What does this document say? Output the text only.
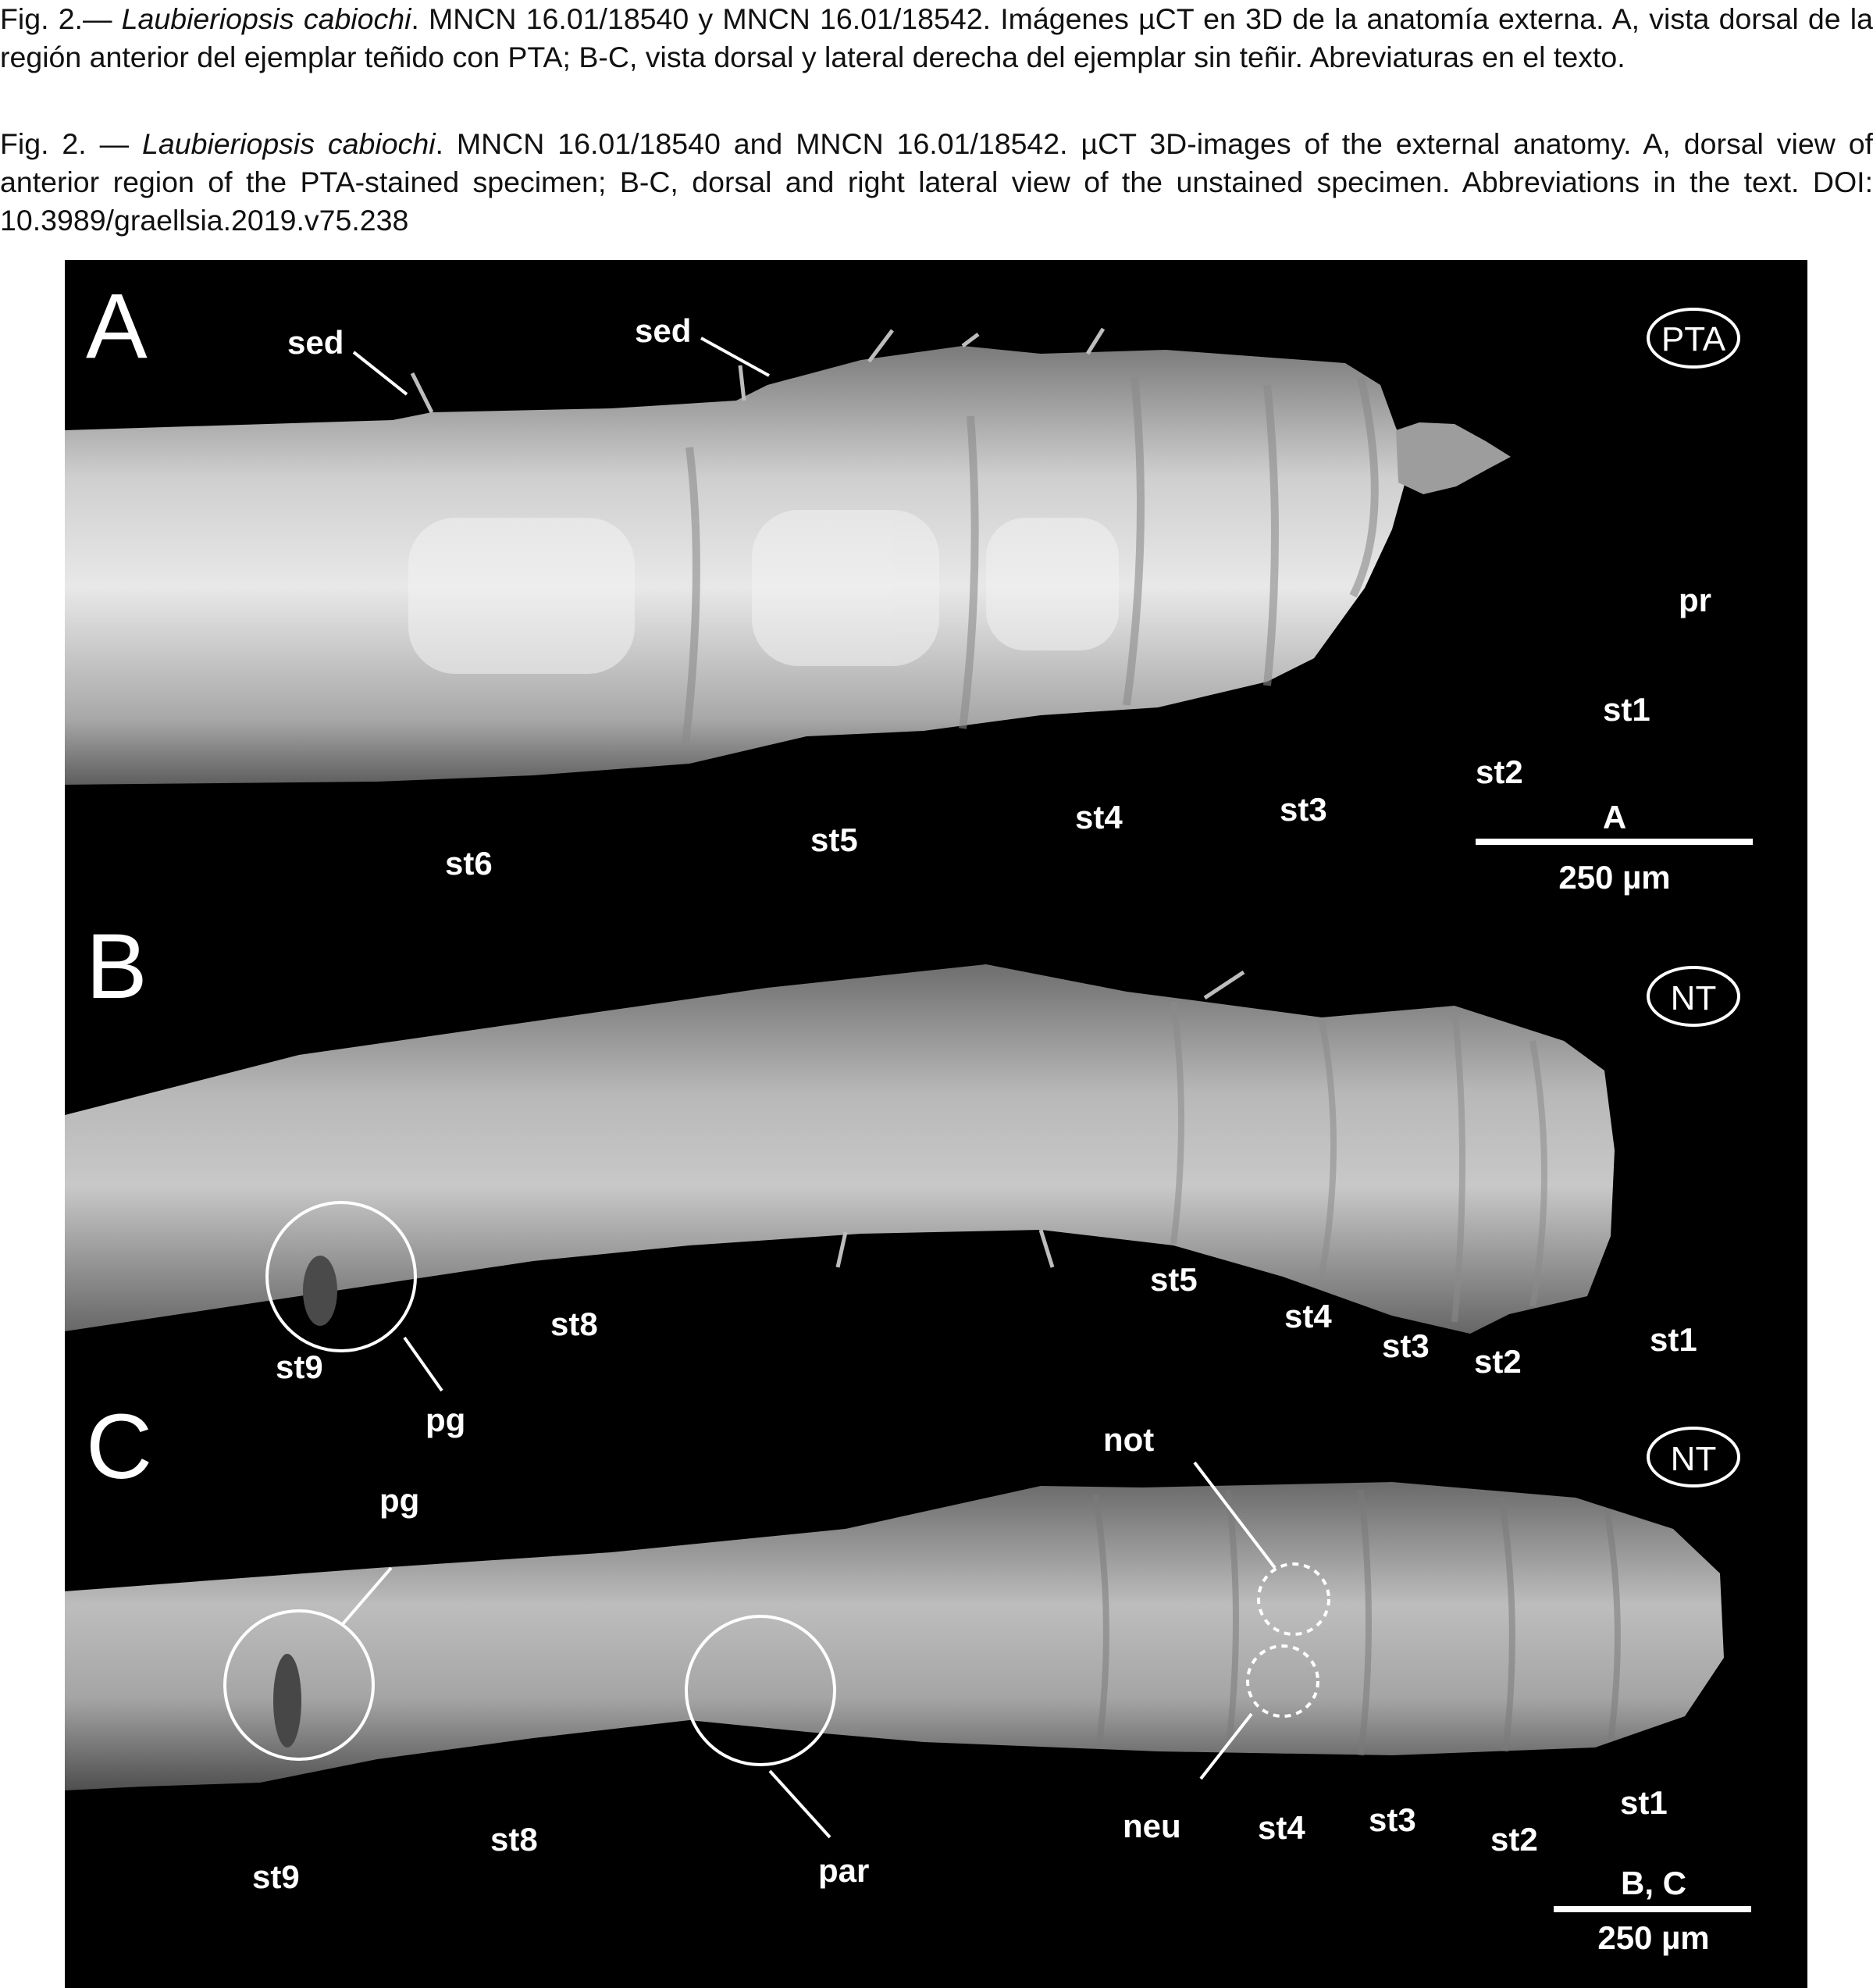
Fig. 2.— Laubieriopsis cabiochi. MNCN 16.01/18540 y MNCN 16.01/18542. Imágenes µCT en 3D de la anatomía externa. A, vista dorsal de la región anterior del ejemplar teñido con PTA; B-C, vista dorsal y lateral derecha del ejemplar sin teñir. Abreviaturas en el texto.

Fig. 2. — Laubieriopsis cabiochi. MNCN 16.01/18540 and MNCN 16.01/18542. µCT 3D-images of the external anatomy. A, dorsal view of anterior region of the PTA-stained specimen; B-C, dorsal and right lateral view of the unstained specimen. Abbreviations in the text. DOI: 10.3989/graellsia.2019.v75.238

A	PTA
sed	sed
pr
st1
st2
st3
st4
st5
st6
A
250 µm
B	NT
pg
st9
st8
st5
st4
st3 st2
st1
C	NT
pg
par
not
neu
st9
st8	st4 st3
st2
st1
B, C
250 µm
